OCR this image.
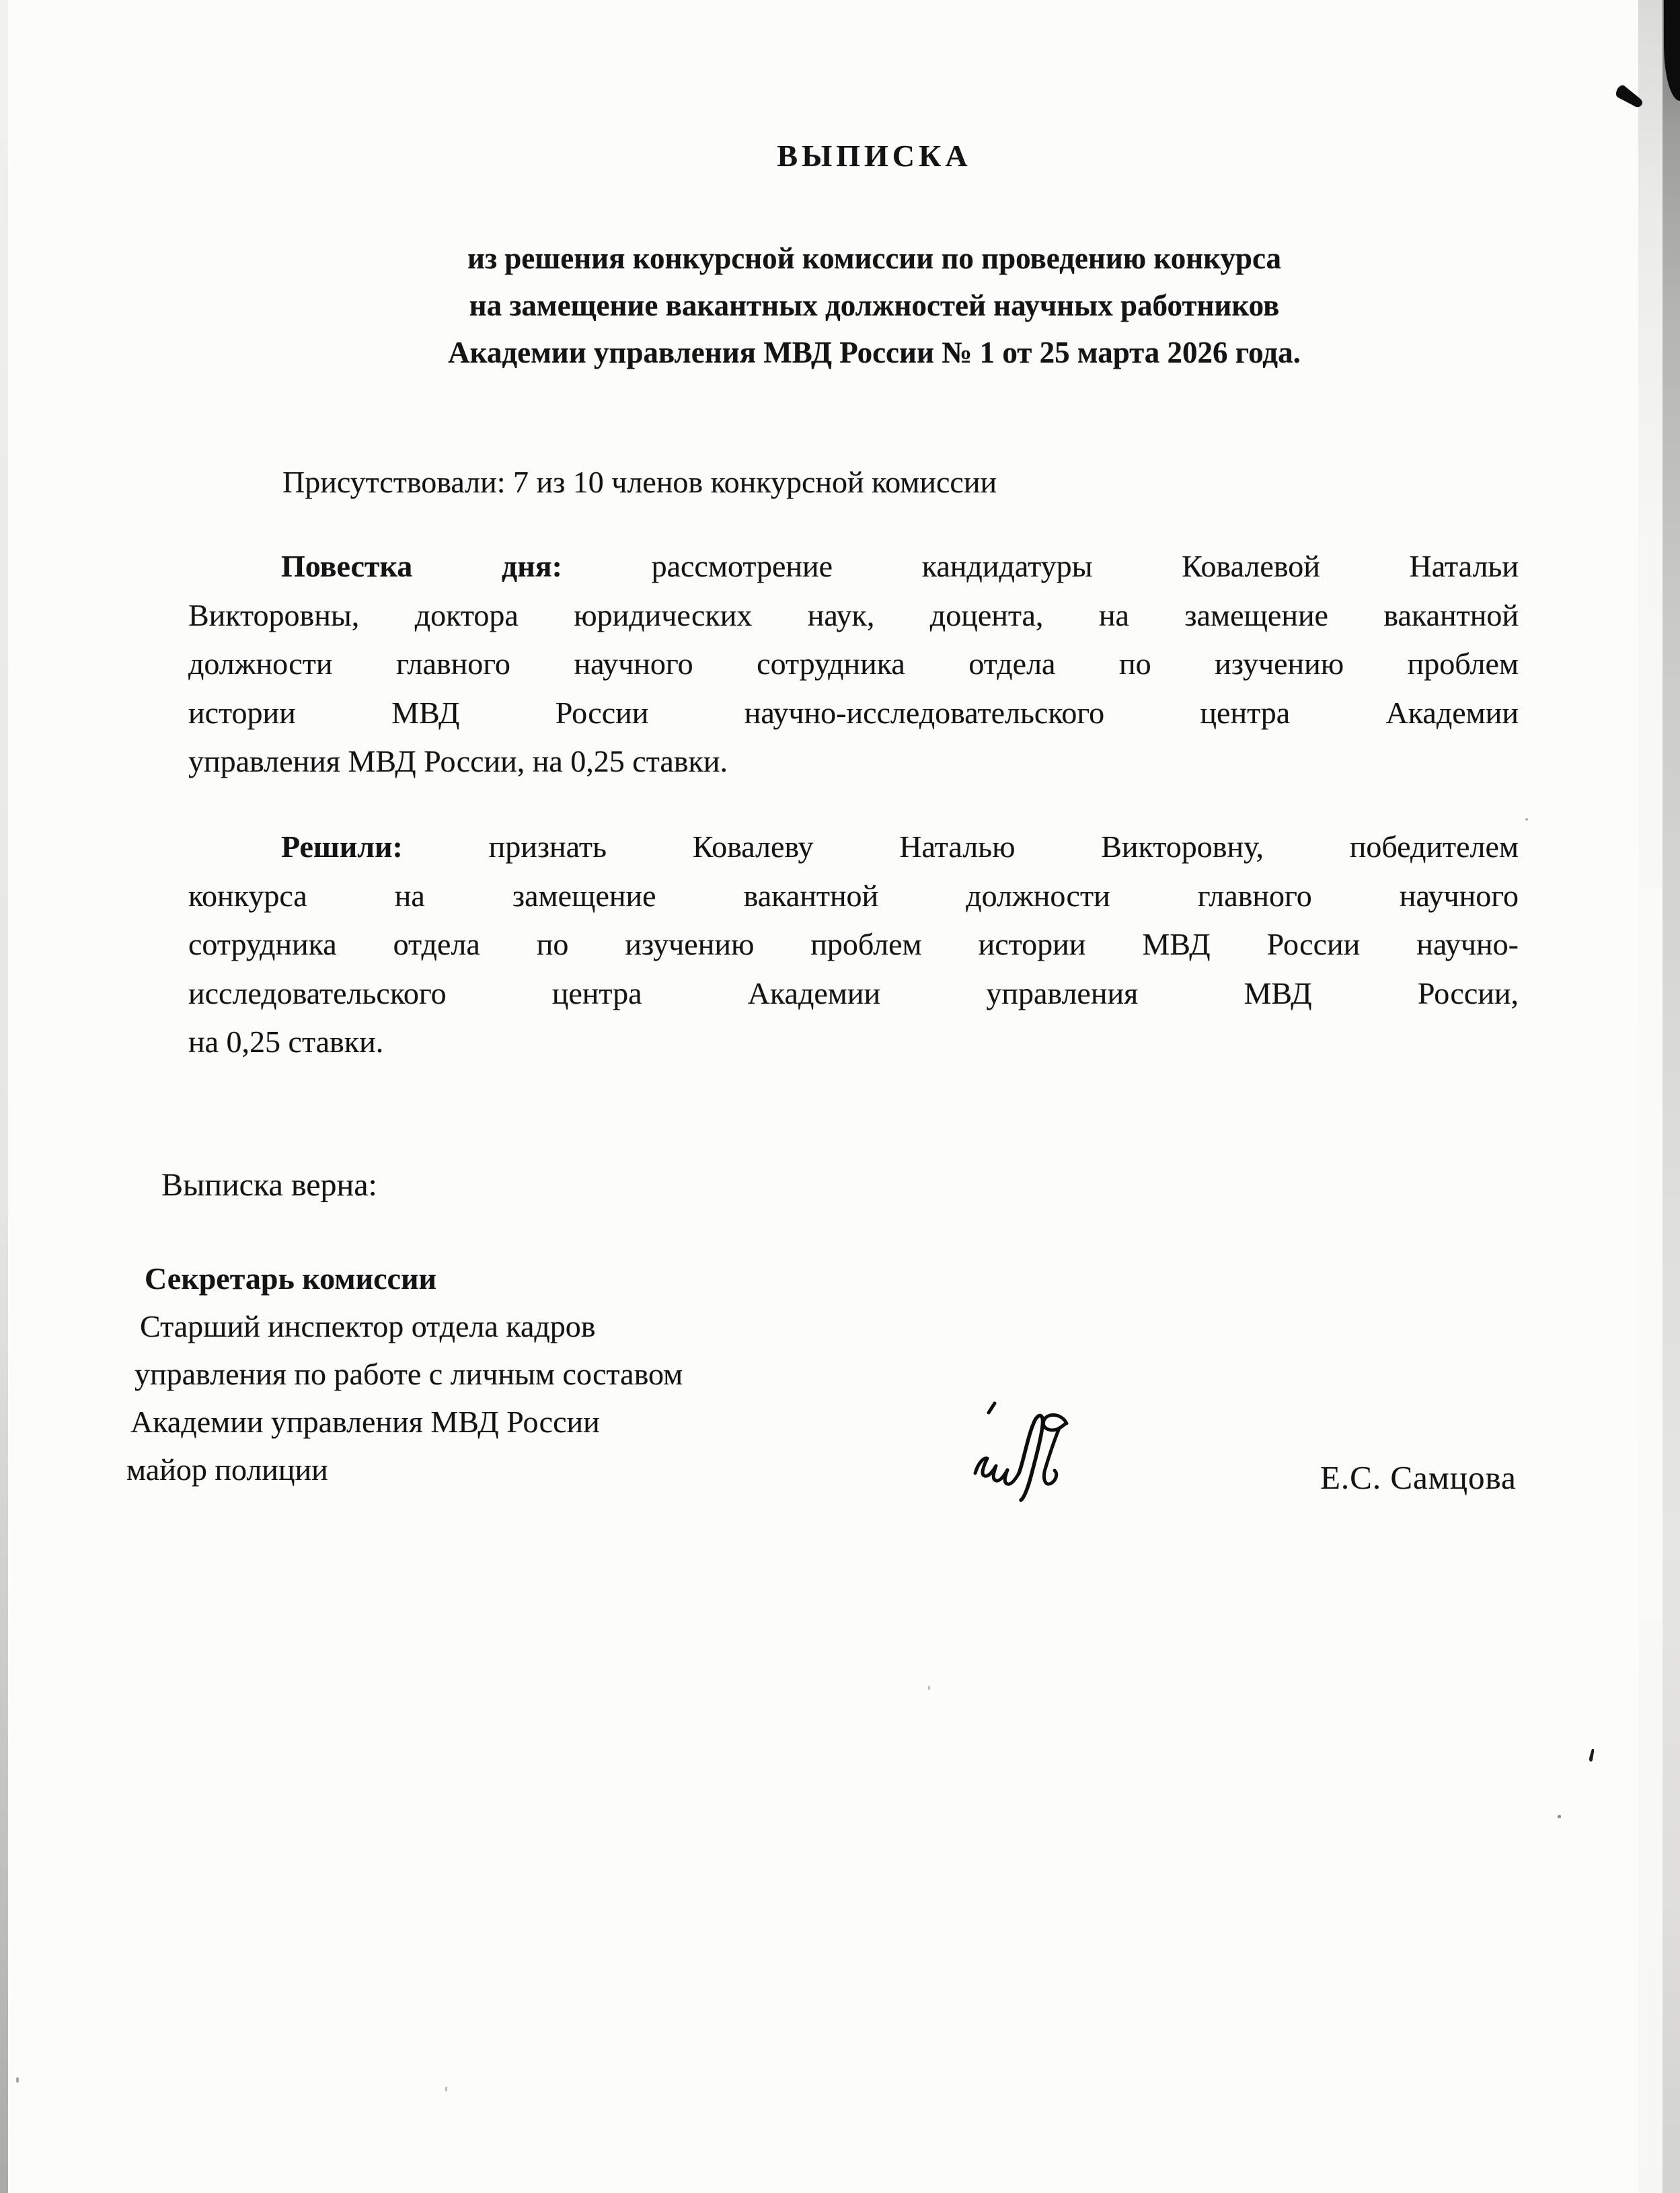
ВЫПИСКА
из решения конкурсной комиссии по проведению конкурса
на замещение вакантных должностей научных работников
Академии управления МВД России № 1 от 25 марта 2026 года.
Присутствовали: 7 из 10 членов конкурсной комиссии
Повестка дня:	рассмотрение кандидатуры Ковалевой Натальи
Викторовны, доктора юридических наук, доцента, на замещение вакантной
должности главного научного сотрудника отдела по изучению проблем
истории МВД России научно-исследовательского центра Академии
управления МВД России, на 0,25 ставки.
Решили:	признать Ковалеву Наталью Викторовну, победителем
конкурса на замещение вакантной должности главного научного
сотрудника отдела по изучению проблем истории МВД России научно-
исследовательского центра Академии управления МВД России,
на 0,25 ставки.
Выписка верна:
Секретарь комиссии
Старший инспектор отдела кадров
управления по работе с личным составом
Академии управления МВД России
майор полиции	Е.С. Самцова
